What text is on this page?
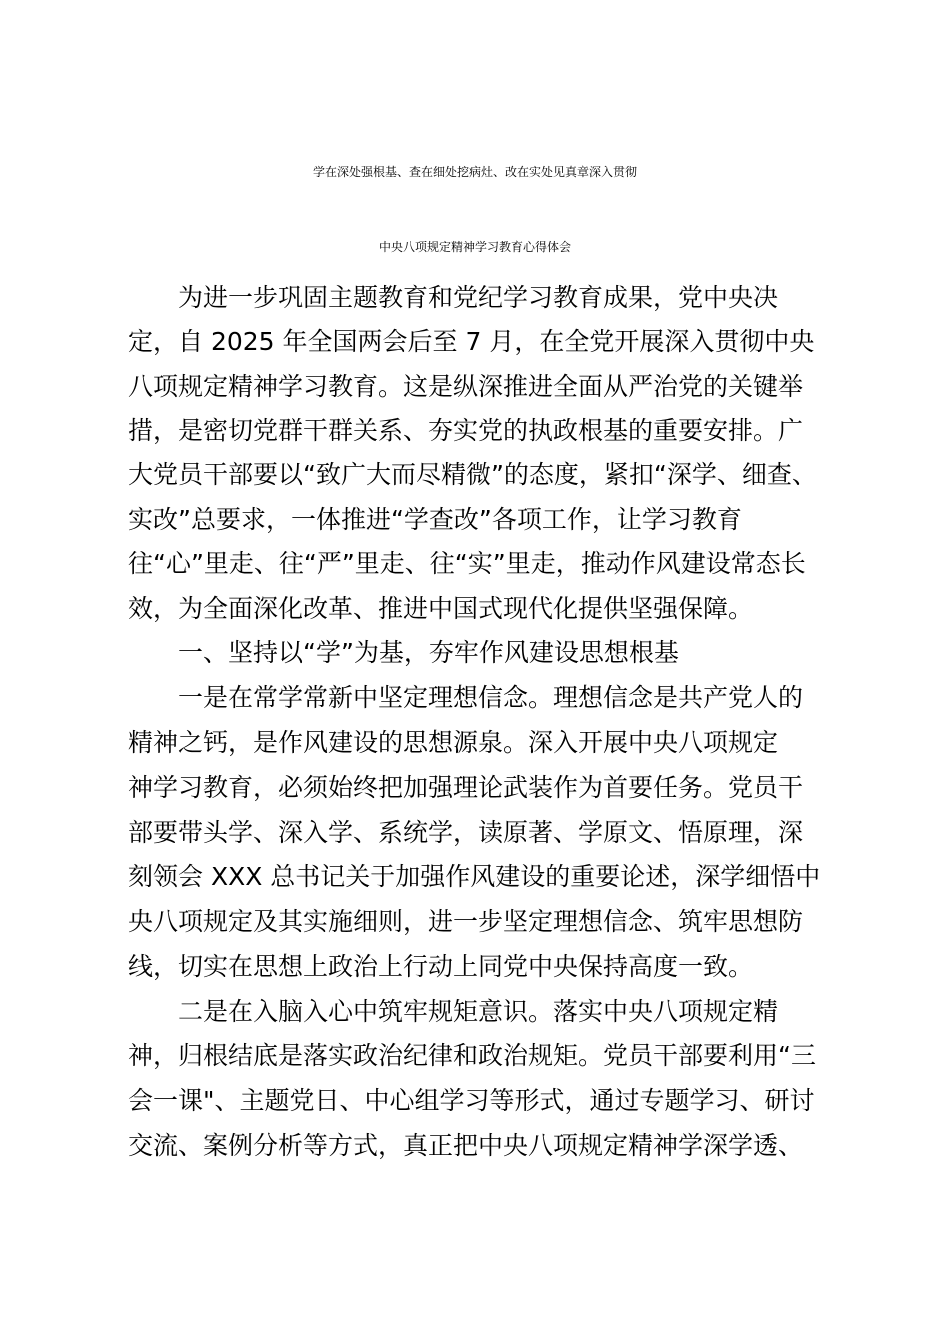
学在深处强根基、查在细处挖病灶、改在实处见真章深入贯彻
中央八项规定精神学习教育心得体会
为进一步巩固主题教育和党纪学习教育成果，党中央决
定，自 2025 年全国两会后至 7 月，在全党开展深入贯彻中央
八项规定精神学习教育。这是纵深推进全面从严治党的关键举
措，是密切党群干群关系、夯实党的执政根基的重要安排。广
大党员干部要以“致广大而尽精微”的态度，紧扣“深学、细查、
实改”总要求，一体推进“学查改”各项工作，让学习教育
往“心”里走、往“严”里走、往“实”里走，推动作风建设常态长
效，为全面深化改革、推进中国式现代化提供坚强保障。
一、坚持以“学”为基，夯牢作风建设思想根基
一是在常学常新中坚定理想信念。理想信念是共产党人的
精神之钙，是作风建设的思想源泉。深入开展中央八项规定
神学习教育，必须始终把加强理论武装作为首要任务。党员干
部要带头学、深入学、系统学，读原著、学原文、悟原理，深
刻领会 XXX 总书记关于加强作风建设的重要论述，深学细悟中
央八项规定及其实施细则，进一步坚定理想信念、筑牢思想防
线，切实在思想上政治上行动上同党中央保持高度一致。
二是在入脑入心中筑牢规矩意识。落实中央八项规定精
神，归根结底是落实政治纪律和政治规矩。党员干部要利用“三
会一课"、主题党日、中心组学习等形式，通过专题学习、研讨
交流、案例分析等方式，真正把中央八项规定精神学深学透、
